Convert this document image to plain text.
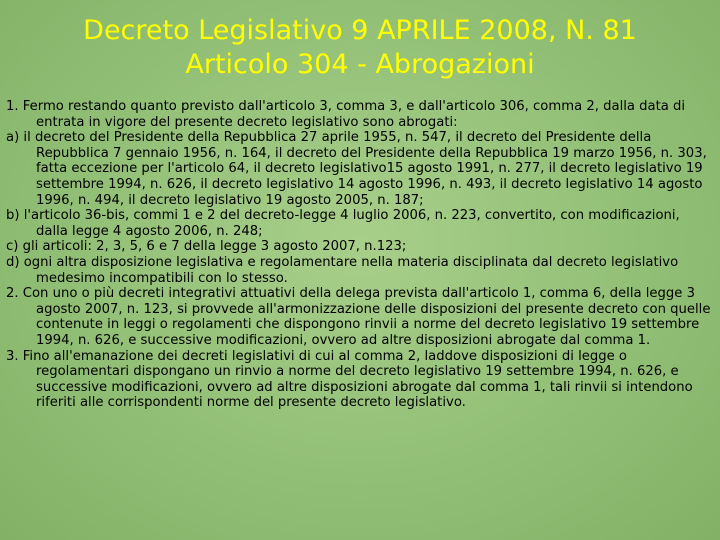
Decreto Legislativo 9 APRILE 2008, N. 81
Articolo 304 - Abrogazioni

1. Fermo restando quanto previsto dall'articolo 3, comma 3, e dall'articolo 306, comma 2, dalla data di entrata in vigore del presente decreto legislativo sono abrogati:

a) il decreto del Presidente della Repubblica 27 aprile 1955, n. 547, il decreto del Presidente della Repubblica 7 gennaio 1956, n. 164, il decreto del Presidente della Repubblica 19 marzo 1956, n. 303, fatta eccezione per l'articolo 64, il decreto legislativo15 agosto 1991, n. 277, il decreto legislativo 19 settembre 1994, n. 626, il decreto legislativo 14 agosto 1996, n. 493, il decreto legislativo 14 agosto 1996, n. 494, il decreto legislativo 19 agosto 2005, n. 187;

b) l'articolo 36-bis, commi 1 e 2 del decreto-legge 4 luglio 2006, n. 223, convertito, con modificazioni, dalla legge 4 agosto 2006, n. 248;

c) gli articoli: 2, 3, 5, 6 e 7 della legge 3 agosto 2007, n.123;

d) ogni altra disposizione legislativa e regolamentare nella materia disciplinata dal decreto legislativo medesimo incompatibili con lo stesso.

2. Con uno o più decreti integrativi attuativi della delega prevista dall'articolo 1, comma 6, della legge 3 agosto 2007, n. 123, si provvede all'armonizzazione delle disposizioni del presente decreto con quelle contenute in leggi o regolamenti che dispongono rinvii a norme del decreto legislativo 19 settembre 1994, n. 626, e successive modificazioni, ovvero ad altre disposizioni abrogate dal comma 1.

3. Fino all'emanazione dei decreti legislativi di cui al comma 2, laddove disposizioni di legge o regolamentari dispongano un rinvio a norme del decreto legislativo 19 settembre 1994, n. 626, e successive modificazioni, ovvero ad altre disposizioni abrogate dal comma 1, tali rinvii si intendono riferiti alle corrispondenti norme del presente decreto legislativo.
